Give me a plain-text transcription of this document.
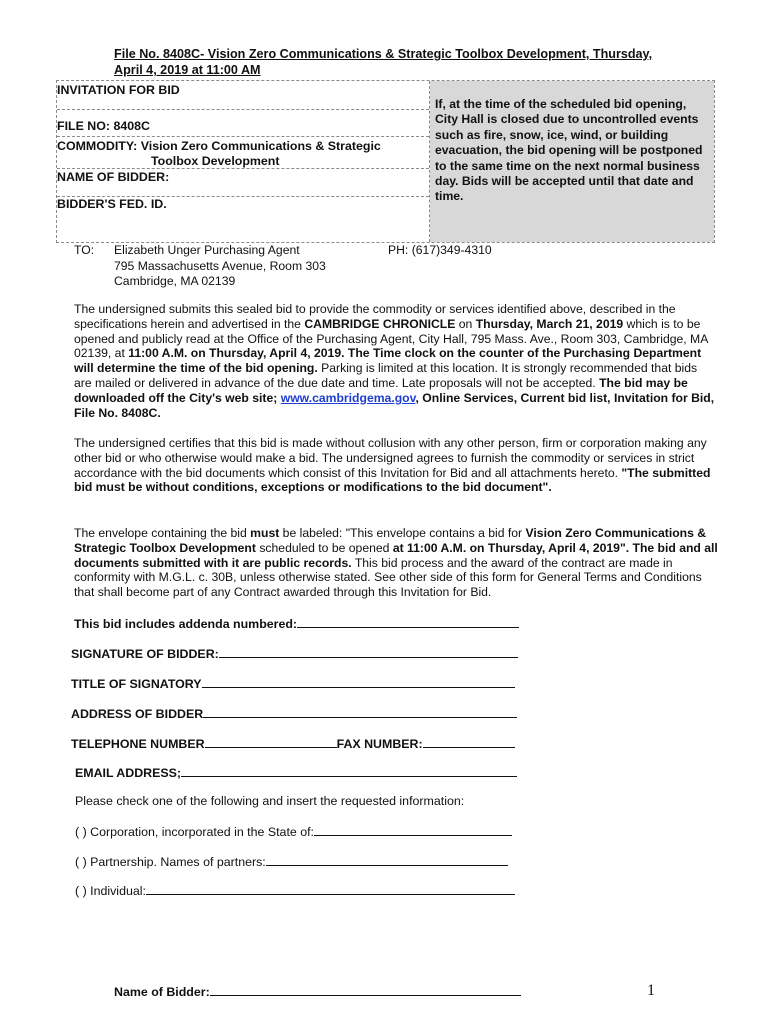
File No. 8408C- Vision Zero Communications & Strategic Toolbox Development, Thursday,
April 4, 2019 at 11:00 AM
INVITATION FOR BID
FILE NO: 8408C
COMMODITY: Vision Zero Communications & Strategic
Toolbox Development
NAME OF BIDDER:
BIDDER'S FED. ID.
If, at the time of the scheduled bid opening, City Hall is closed due to uncontrolled events such as fire, snow, ice, wind, or building evacuation, the bid opening will be postponed to the same time on the next normal business day. Bids will be accepted until that date and time.
TO: Elizabeth Unger Purchasing Agent
795 Massachusetts Avenue, Room 303
Cambridge, MA 02139
PH: (617)349-4310
The undersigned submits this sealed bid to provide the commodity or services identified above, described in the specifications herein and advertised in the CAMBRIDGE CHRONICLE on Thursday, March 21, 2019 which is to be opened and publicly read at the Office of the Purchasing Agent, City Hall, 795 Mass. Ave., Room 303, Cambridge, MA 02139, at 11:00 A.M. on Thursday, April 4, 2019. The Time clock on the counter of the Purchasing Department will determine the time of the bid opening. Parking is limited at this location. It is strongly recommended that bids are mailed or delivered in advance of the due date and time. Late proposals will not be accepted. The bid may be downloaded off the City's web site; www.cambridgema.gov, Online Services, Current bid list, Invitation for Bid, File No. 8408C.
The undersigned certifies that this bid is made without collusion with any other person, firm or corporation making any other bid or who otherwise would make a bid. The undersigned agrees to furnish the commodity or services in strict accordance with the bid documents which consist of this Invitation for Bid and all attachments hereto. "The submitted bid must be without conditions, exceptions or modifications to the bid document".
The envelope containing the bid must be labeled: "This envelope contains a bid for Vision Zero Communications & Strategic Toolbox Development scheduled to be opened at 11:00 A.M. on Thursday, April 4, 2019". The bid and all documents submitted with it are public records. This bid process and the award of the contract are made in conformity with M.G.L. c. 30B, unless otherwise stated. See other side of this form for General Terms and Conditions that shall become part of any Contract awarded through this Invitation for Bid.
This bid includes addenda numbered:
SIGNATURE OF BIDDER:
TITLE OF SIGNATORY
ADDRESS OF BIDDER
TELEPHONE NUMBER	FAX NUMBER:
EMAIL ADDRESS;
Please check one of the following and insert the requested information:
( ) Corporation, incorporated in the State of:
( ) Partnership. Names of partners:
( ) Individual:
Name of Bidder:	1
